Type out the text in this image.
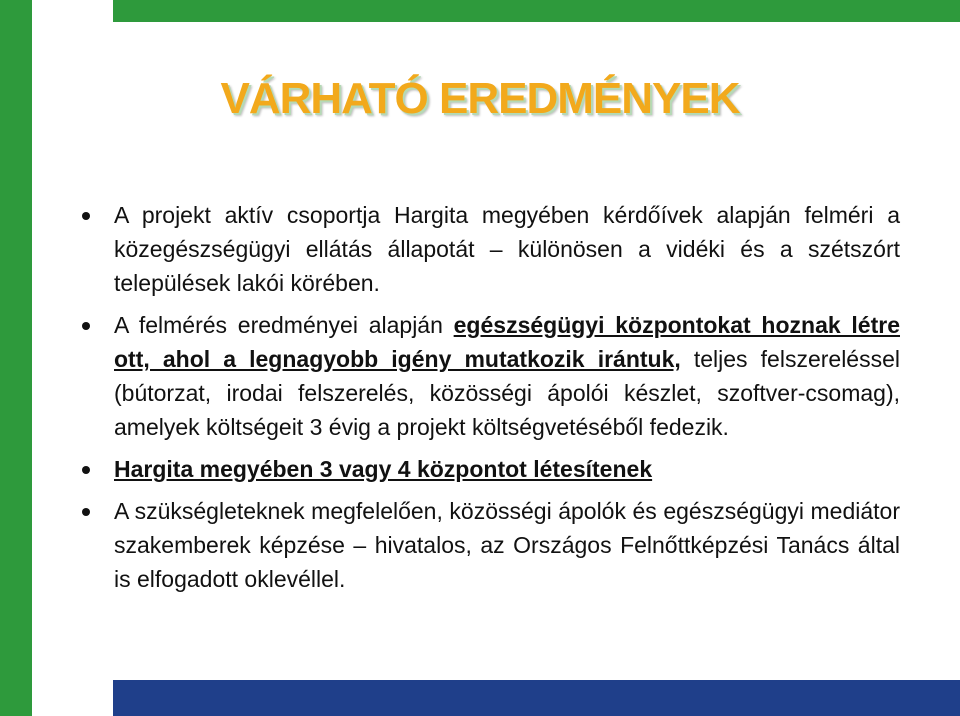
VÁRHATÓ EREDMÉNYEK
A projekt aktív csoportja Hargita megyében kérdőívek alapján felméri a közegészségügyi ellátás állapotát – különösen a vidéki és a szétszórt települések lakói körében.
A felmérés eredményei alapján egészségügyi központokat hoznak létre ott, ahol a legnagyobb igény mutatkozik irántuk, teljes felszereléssel (bútorzat, irodai felszerelés, közösségi ápolói készlet, szoftver-csomag), amelyek költségeit 3 évig a projekt költségvetéséből fedezik.
Hargita megyében 3 vagy 4 központot létesítenek
A szükségleteknek megfelelően, közösségi ápolók és egészségügyi mediátor szakemberek képzése – hivatalos, az Országos Felnőttképzési Tanács által is elfogadott oklevéllel.
